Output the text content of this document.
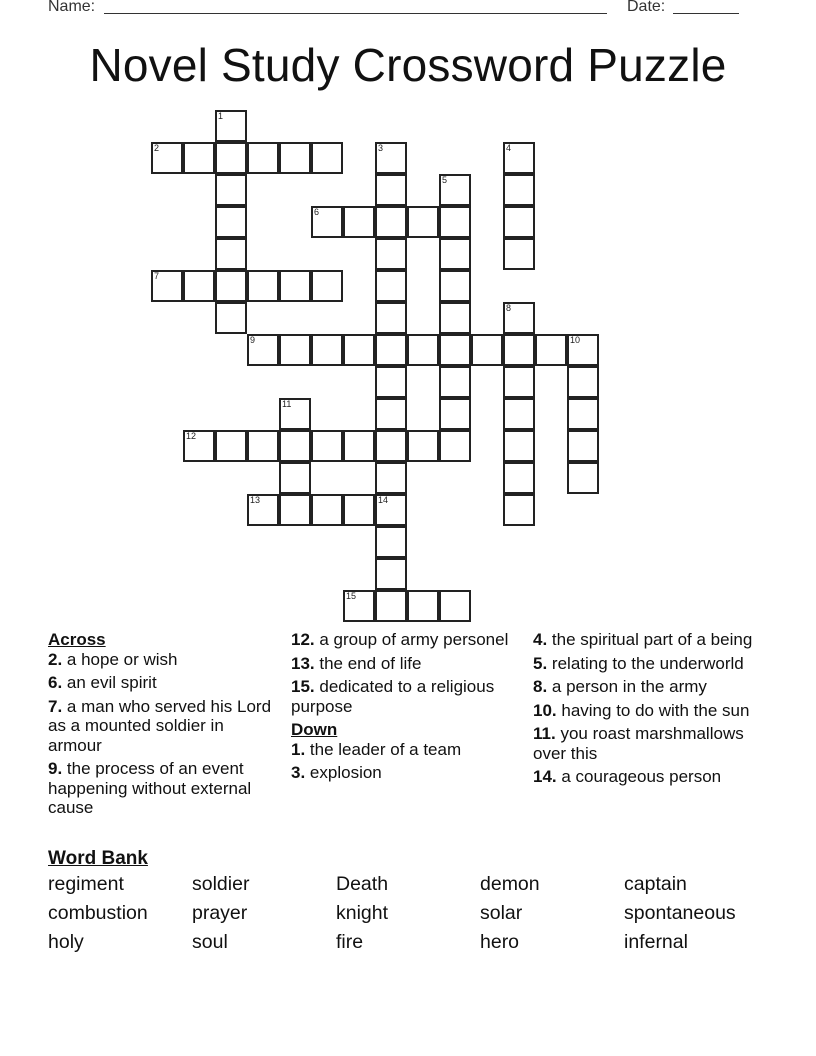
Name:	Date:
Novel Study Crossword Puzzle
1
2	3	4
5
6
7
8
9	10
11
12
13	14
15
Across
2. a hope or wish
6. an evil spirit
7. a man who served his Lord as a mounted soldier in armour
9. the process of an event happening without external cause
12. a group of army personel
13. the end of life
15. dedicated to a religious purpose
Down
1. the leader of a team
3. explosion
4. the spiritual part of a being
5. relating to the underworld
8. a person in the army
10. having to do with the sun
11. you roast marshmallows over this
14. a courageous person
Word Bank
regiment	soldier	Death	demon	captain
combustion	prayer	knight	solar	spontaneous
holy	soul	fire	hero	infernal
